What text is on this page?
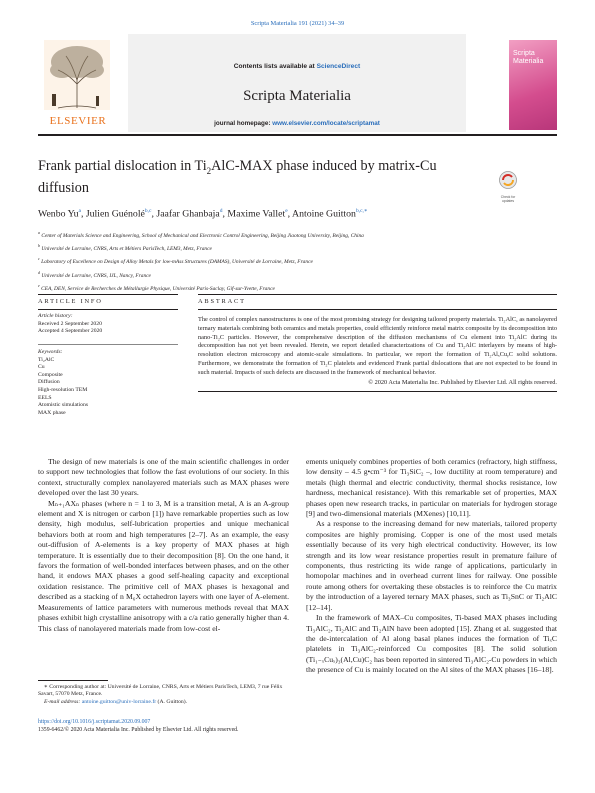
Scripta Materialia 191 (2021) 34–39
ELSEVIER
Contents lists available at ScienceDirect
Scripta Materialia
journal homepage: www.elsevier.com/locate/scriptamat
Scripta Materialia
Frank partial dislocation in $Ti_2AlC$-MAX phase induced by matrix-Cu diffusion
Check for updates
Wenbo Yu$^a$, Julien Guénolé$^{b,c}$, Jaafar Ghanbaja$^d$, Maxime Vallet$^e$, Antoine Guitton$^{b,c,∗}$
$^a$ Center of Materials Science and Engineering, School of Mechanical and Electronic Control Engineering, Beijing Jiaotong University, Beijing, China
$^b$ Université de Lorraine, CNRS, Arts et Métiers ParisTech, LEM3, Metz, France
$^c$ Laboratory of Excellence on Design of Alloy Metals for low-mAss Structures (DAMAS), Université de Lorraine, Metz, France
$^d$ Université de Lorraine, CNRS, IJL, Nancy, France
$^e$ CEA, DEN, Service de Recherches de Métallurgie Physique, Université Paris-Saclay, Gif-sur-Yvette, France
ARTICLE INFO	ABSTRACT
Article history:
Received 2 September 2020
Accepted 4 September 2020
Keywords:
Ti₂AlC
Cu
Composite
Diffusion
High-resolution TEM
EELS
Atomistic simulations
MAX phase
The control of complex nanostructures is one of the most promising strategy for designing tailored property materials. Ti₂AlC, as nanolayered ternary materials combining both ceramics and metals properties, could efficiently reinforce metal matrix composite by its decomposition into nano-Ti₂C particles. However, the comprehensive description of the diffusion mechanisms of Cu element into Ti₂AlC during its decomposition has not yet been revealed. Herein, we report detailed characterizations of Cu and Ti₂AlC interlayers by means of high-resolution electron microscopy and atomic-scale simulations. In particular, we report the formation of Ti₂AlₓCuᵧC solid solutions. Furthermore, we demonstrate the formation of Ti₂C platelets and evidenced Frank partial dislocations that are not expected to be found in such material. Impacts of such defects are discussed in the framework of mechanical behavior.
© 2020 Acta Materialia Inc. Published by Elsevier Ltd. All rights reserved.

The design of new materials is one of the main scientific challenges in order to support new technologies that follow the fast evolutions of our society. In this context, structurally complex nanolayered materials such as MAX phases were developed over the last 30 years.

Mₙ₊₁AXₙ phases (where n = 1 to 3, M is a transition metal, A is an A-group element and X is nitrogen or carbon [1]) have remarkable properties such as low density, high modulus, self-lubrication properties and unique mechanical behaviors both at room and high temperatures [2–7]. As an example, the easy out-diffusion of A-elements is a key property of MAX phases at high temperature. It is essentially due to their decomposition [8]. On the one hand, it favors the formation of well-bonded interfaces between phases, and on the other hand, it endows MAX phases a good self-healing capacity and exceptional oxidation resistance. The primitive cell of MAX phases is hexagonal and described as a stacking of n M₆X octahedron layers with one layer of A-element. Measurements of lattice parameters with numerous methods reveal that MAX phases exhibit high crystalline anisotropy with a c/a ratio generally higher than 4. This class of nanolayered materials made from low-cost el-

ements uniquely combines properties of both ceramics (refractory, high stiffness, low density – 4.5 g•cm⁻³ for Ti₃SiC₂ –, low ductility at room temperature) and metals (high thermal and electric conductivity, thermal shocks resistance, low hardness, mechanical resistance). With this remarkable set of properties, MAX phases open new research tracks, in particular on materials for hydrogen storage [9] and two-dimensional materials (MXenes) [10,11].

As a response to the increasing demand for new materials, tailored property composites are highly promising. Copper is one of the most used metals essentially because of its very high electrical conductivity. However, its low strength and its low wear resistance properties result in premature failure of components, thus restricting its wide range of applications, particularly in homopolar machines and in overhead current lines for railway. One possible route among others for overtaking these obstacles is to reinforce the Cu matrix by the introduction of a layered ternary MAX phases, such as Ti₃SnC or Ti₂AlC [12–14].

In the framework of MAX–Cu composites, Ti-based MAX phases including Ti₃AlC₂, Ti₂AlC and Ti₂AlN have been adopted [15]. Zhang et al. suggested that the de-intercalation of Al along basal planes induces the formation of TiₓC platelets in Ti₃AlC₂-reinforced Cu composites [8]. The solid solution (Ti₁₋ₓCuₓ)₃(Al,Cu)C₂ has been reported in sintered Ti₃AlC₂-Cu powders in which the presence of Cu is mainly located on the Al sites of the MAX phases [16–18].

∗ Corresponding author at: Université de Lorraine, CNRS, Arts et Métiers ParisTech, LEM3, 7 rue Félix Savart, 57070 Metz, France.
E-mail address: antoine.guitton@univ-lorraine.fr (A. Guitton).
https://doi.org/10.1016/j.scriptamat.2020.09.007
1359-6462/© 2020 Acta Materialia Inc. Published by Elsevier Ltd. All rights reserved.
